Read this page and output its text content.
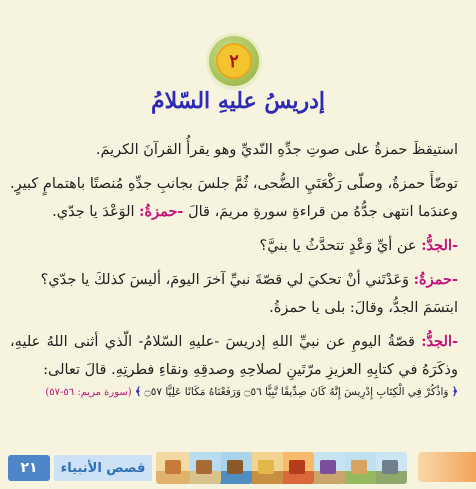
٢
إدريسُ عليهِ السّلامُ

استيقظَ حمزةُ على صوتِ جدِّهِ النّديِّ وهو يقرأُ القرآنَ الكريمَ.

توضّأَ حمزةُ، وصلّى رَكْعَتَيِ الضُّحى، ثُمَّ جلسَ بجانبِ جدِّهِ مُنصتًا باهتمامٍ كبيرٍ. وعندَما انتهى جدُّهُ من قراءةِ سورةِ مريمَ، قالَ -حمزةُ: الوَعْدَ يا جدّي.

-الجدُّ: عن أيِّ وَعْدٍ تتحدَّثُ يا بنيَّ؟

-حمزةُ: وَعَدْتَني أنْ تحكيَ لي قصّةَ نبيِّ آخرَ اليومَ، أليسَ كذلكَ يا جدّي؟

ابتسَمَ الجدُّ، وقالَ: بلى يا حمزةُ.

-الجدُّ: قصّةُ اليومِ عن نبيِّ اللهِ إدريسَ -عليهِ السّلامُ- الّذي أثنى اللهُ عليهِ، وذكَرَهُ في كتابِهِ العزيزِ مرّتَينِ لصلاحِهِ وصدقِهِ ونقاءِ فطرتِهِ. قالَ تعالى:

﴿ وَاذْكُرْ فِي الْكِتَابِ إِدْرِيسَ إِنَّهُ كَانَ صِدِّيقًا نَّبِيًّا ۝٥٦ وَرَفَعْنَاهُ مَكَانًا عَلِيًّا ۝٥٧ ﴾ (سورة مريم: ٥٦-٥٧)

٢١	قصص الأنبياء
